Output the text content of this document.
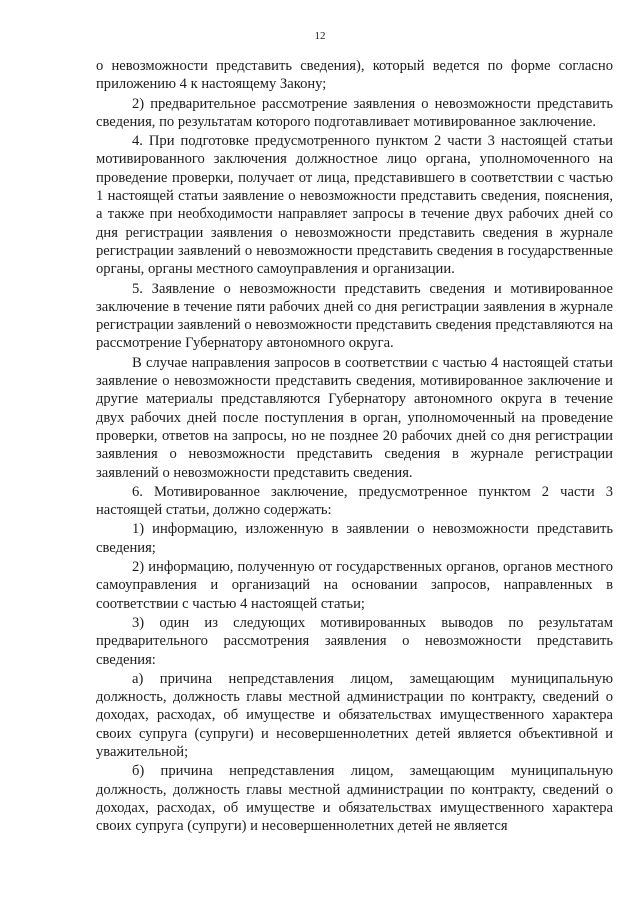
12

о невозможности представить сведения), который ведется по форме согласно приложению 4 к настоящему Закону;

2) предварительное рассмотрение заявления о невозможности представить сведения, по результатам которого подготавливает мотивированное заключение.

4. При подготовке предусмотренного пунктом 2 части 3 настоящей статьи мотивированного заключения должностное лицо органа, уполномоченного на проведение проверки, получает от лица, представившего в соответствии с частью 1 настоящей статьи заявление о невозможности представить сведения, пояснения, а также при необходимости направляет запросы в течение двух рабочих дней со дня регистрации заявления о невозможности представить сведения в журнале регистрации заявлений о невозможности представить сведения в государственные органы, органы местного самоуправления и организации.

5. Заявление о невозможности представить сведения и мотивированное заключение в течение пяти рабочих дней со дня регистрации заявления в журнале регистрации заявлений о невозможности представить сведения представляются на рассмотрение Губернатору автономного округа.

В случае направления запросов в соответствии с частью 4 настоящей статьи заявление о невозможности представить сведения, мотивированное заключение и другие материалы представляются Губернатору автономного округа в течение двух рабочих дней после поступления в орган, уполномоченный на проведение проверки, ответов на запросы, но не позднее 20 рабочих дней со дня регистрации заявления о невозможности представить сведения в журнале регистрации заявлений о невозможности представить сведения.

6. Мотивированное заключение, предусмотренное пунктом 2 части 3 настоящей статьи, должно содержать:

1) информацию, изложенную в заявлении о невозможности представить сведения;

2) информацию, полученную от государственных органов, органов местного самоуправления и организаций на основании запросов, направленных в соответствии с частью 4 настоящей статьи;

3) один из следующих мотивированных выводов по результатам предварительного рассмотрения заявления о невозможности представить сведения:

а) причина непредставления лицом, замещающим муниципальную должность, должность главы местной администрации по контракту, сведений о доходах, расходах, об имуществе и обязательствах имущественного характера своих супруга (супруги) и несовершеннолетних детей является объективной и уважительной;

б) причина непредставления лицом, замещающим муниципальную должность, должность главы местной администрации по контракту, сведений о доходах, расходах, об имуществе и обязательствах имущественного характера своих супруга (супруги) и несовершеннолетних детей не является
